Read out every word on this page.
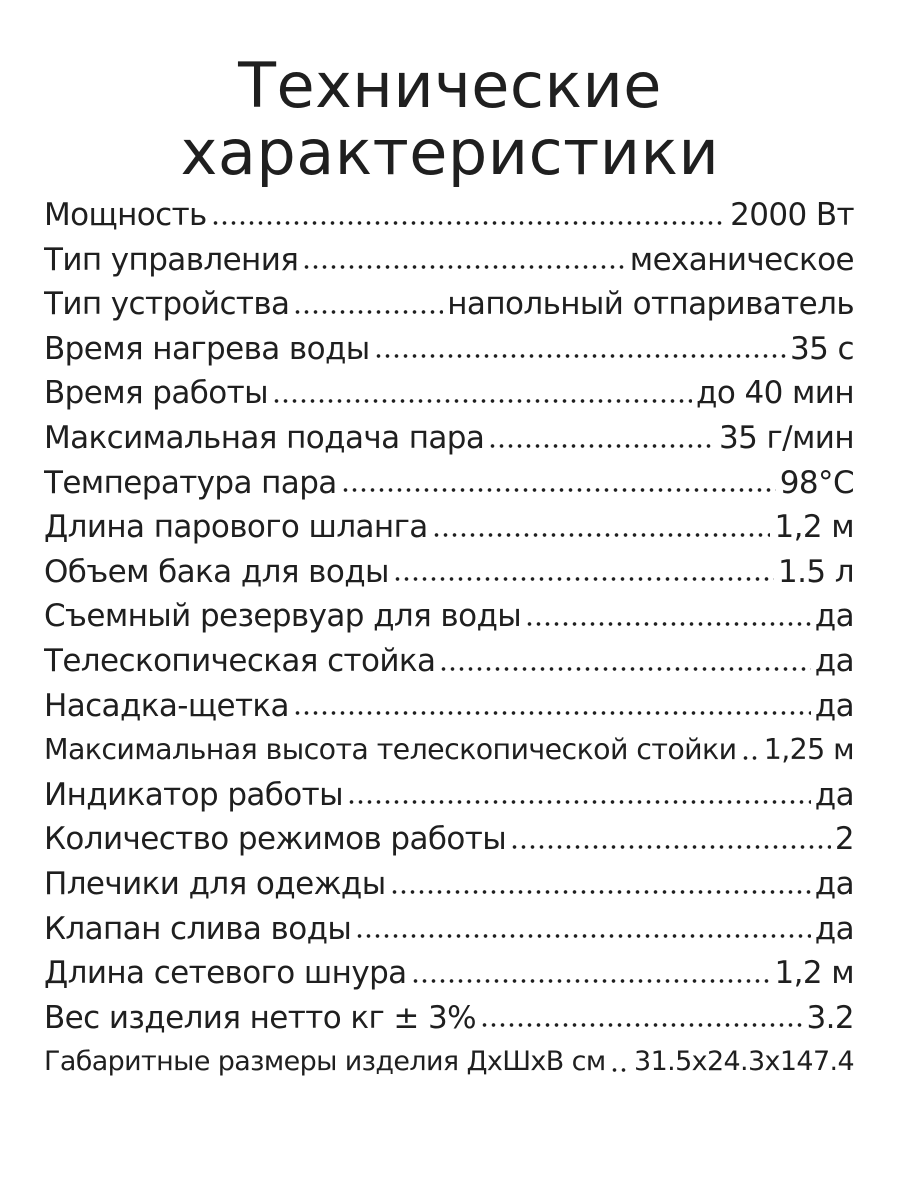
Технические
характеристики
Мощность	2000 Вт
Тип управления	механическое
Тип устройства	напольный отпариватель
Время нагрева воды	35 с
Время работы	до 40 мин
Максимальная подача пара	35 г/мин
Температура пара	98°С
Длина парового шланга	1,2 м
Объем бака для воды	1.5 л
Съемный резервуар для воды	да
Телескопическая стойка	да
Насадка-щетка	да
Максимальная высота телескопической стойки 1,25 м
Индикатор работы	да
Количество режимов работы	2
Плечики для одежды	да
Клапан слива воды	да
Длина сетевого шнура	1,2 м
Вес изделия нетто кг ± 3%	3.2
Габаритные размеры изделия ДхШхВ см 31.5х24.3х147.4
